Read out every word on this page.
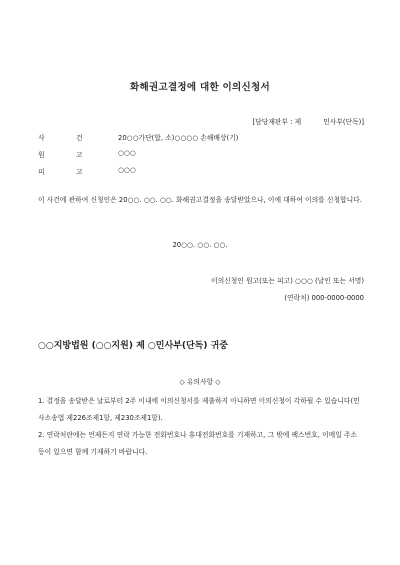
화해권고결정에 대한 이의신청서
[담당재판부 : 제	민사부(단독)]
사	건	20○○가단(합, 소)○○○○ 손해배상(기)
원	고	○○○
피	고	○○○
이 사건에 관하여 신청인은 20○○. ○○. ○○. 화해권고결정을 송달받았으나, 이에 대하여 이의를 신청합니다.
20○○. ○○. ○○.
이의신청인 원고(또는 피고) ○○○ (날인 또는 서명)
(연락처) 000-0000-0000
○○지방법원 (○○지원) 제 ○민사부(단독) 귀중
◇ 유의사항 ◇
1. 결정을 송달받은 날로부터 2주 이내에 이의신청서를 제출하지 아니하면 이의신청이 각하될 수 있습니다(민사소송법 제226조제1항, 제230조제1항).
2. 연락처란에는 언제든지 연락 가능한 전화번호나 휴대전화번호를 기재하고, 그 밖에 팩스번호, 이메일 주소 등이 있으면 함께 기재하기 바랍니다.
